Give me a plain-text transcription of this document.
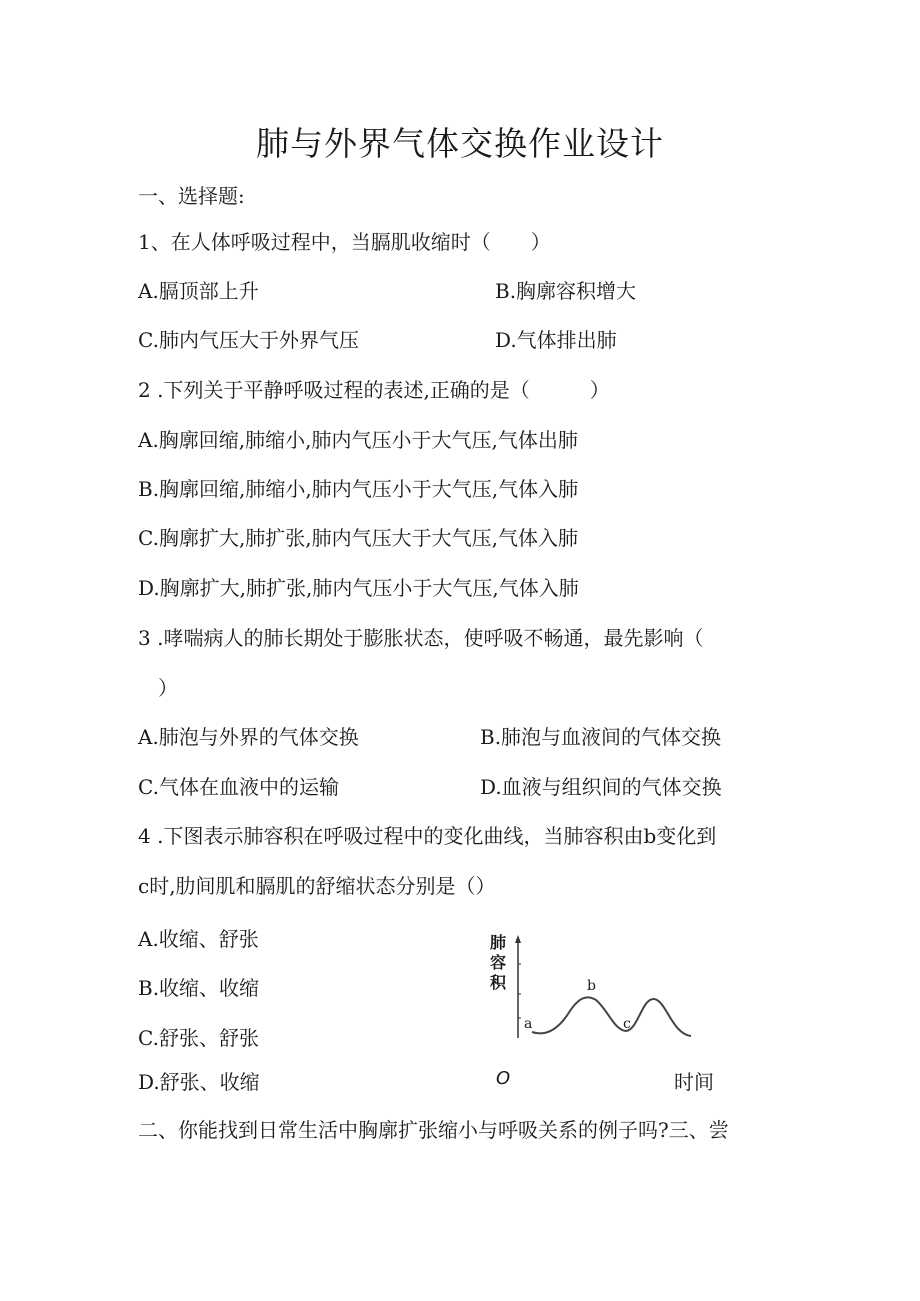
肺与外界气体交换作业设计
一、选择题:
1、在人体呼吸过程中，当膈肌收缩时（　　）
A.膈顶部上升	B.胸廓容积增大
C.肺内气压大于外界气压	D.气体排出肺
2 .下列关于平静呼吸过程的表述,正确的是（　　　）
A.胸廓回缩,肺缩小,肺内气压小于大气压,气体出肺
B.胸廓回缩,肺缩小,肺内气压小于大气压,气体入肺
C.胸廓扩大,肺扩张,肺内气压大于大气压,气体入肺
D.胸廓扩大,肺扩张,肺内气压小于大气压,气体入肺
3 .哮喘病人的肺长期处于膨胀状态，使呼吸不畅通，最先影响（
）
A.肺泡与外界的气体交换	B.肺泡与血液间的气体交换
C.气体在血液中的运输	D.血液与组织间的气体交换
4 .下图表示肺容积在呼吸过程中的变化曲线，当肺容积由b变化到
c时,肋间肌和膈肌的舒缩状态分别是（）
A.收缩、舒张
B.收缩、收缩
C.舒张、舒张
D.舒张、收缩
肺
容
积
a
b
c
O	时间
二、你能找到日常生活中胸廓扩张缩小与呼吸关系的例子吗?三、尝
